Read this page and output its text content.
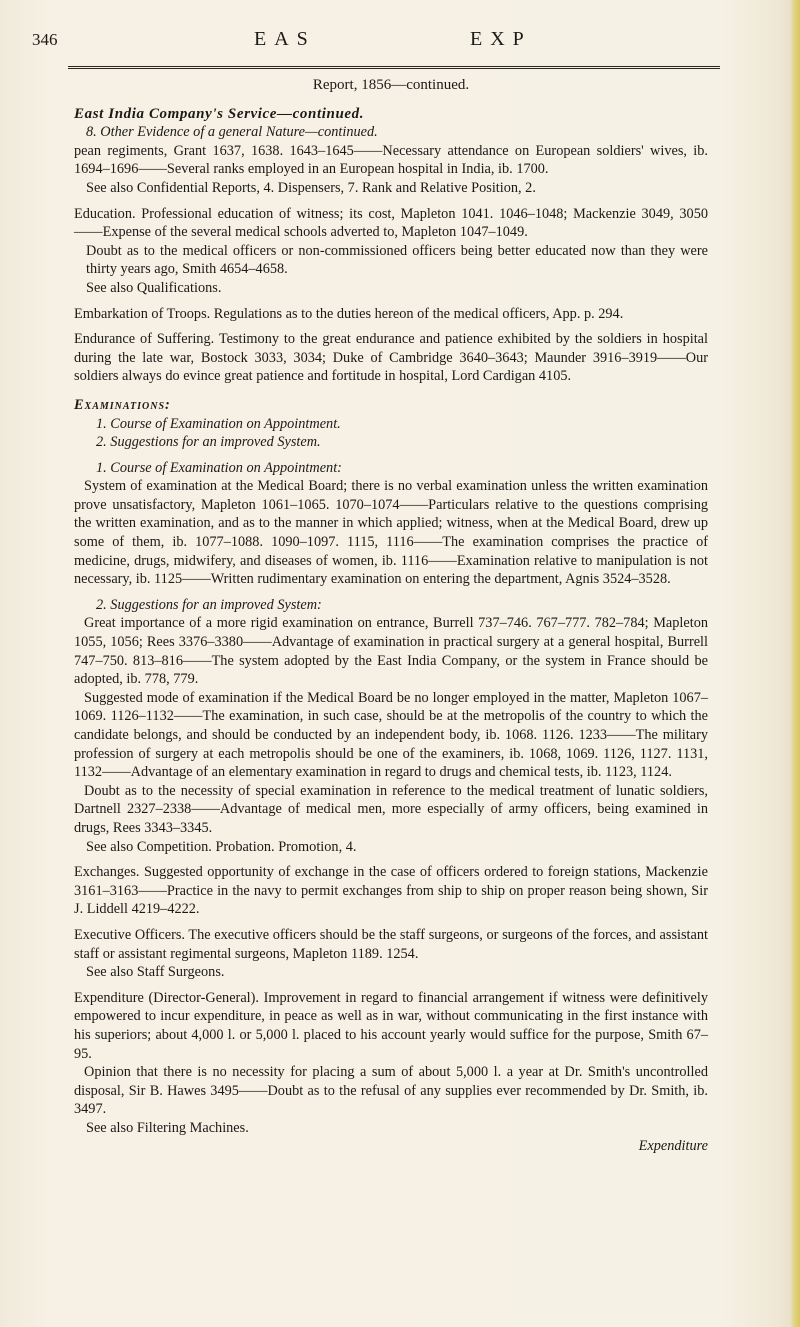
346	EAS	EXP

Report, 1856—continued.

East India Company's Service—continued.

8. Other Evidence of a general Nature—continued.

pean regiments, Grant 1637, 1638. 1643–1645——Necessary attendance on European soldiers' wives, ib. 1694–1696——Several ranks employed in an European hospital in India, ib. 1700.

See also Confidential Reports, 4. Dispensers, 7. Rank and Relative Position, 2.

Education. Professional education of witness; its cost, Mapleton 1041. 1046–1048; Mackenzie 3049, 3050——Expense of the several medical schools adverted to, Mapleton 1047–1049.

Doubt as to the medical officers or non-commissioned officers being better educated now than they were thirty years ago, Smith 4654–4658.

See also Qualifications.

Embarkation of Troops. Regulations as to the duties hereon of the medical officers, App. p. 294.

Endurance of Suffering. Testimony to the great endurance and patience exhibited by the soldiers in hospital during the late war, Bostock 3033, 3034; Duke of Cambridge 3640–3643; Maunder 3916–3919——Our soldiers always do evince great patience and fortitude in hospital, Lord Cardigan 4105.

Examinations:

1. Course of Examination on Appointment.

2. Suggestions for an improved System.

1. Course of Examination on Appointment:

System of examination at the Medical Board; there is no verbal examination unless the written examination prove unsatisfactory, Mapleton 1061–1065. 1070–1074——Particulars relative to the questions comprising the written examination, and as to the manner in which applied; witness, when at the Medical Board, drew up some of them, ib. 1077–1088. 1090–1097. 1115, 1116——The examination comprises the practice of medicine, drugs, midwifery, and diseases of women, ib. 1116——Examination relative to manipulation is not necessary, ib. 1125——Written rudimentary examination on entering the department, Agnis 3524–3528.

2. Suggestions for an improved System:

Great importance of a more rigid examination on entrance, Burrell 737–746. 767–777. 782–784; Mapleton 1055, 1056; Rees 3376–3380——Advantage of examination in practical surgery at a general hospital, Burrell 747–750. 813–816——The system adopted by the East India Company, or the system in France should be adopted, ib. 778, 779.

Suggested mode of examination if the Medical Board be no longer employed in the matter, Mapleton 1067–1069. 1126–1132——The examination, in such case, should be at the metropolis of the country to which the candidate belongs, and should be conducted by an independent body, ib. 1068. 1126. 1233——The military profession of surgery at each metropolis should be one of the examiners, ib. 1068, 1069. 1126, 1127. 1131, 1132——Advantage of an elementary examination in regard to drugs and chemical tests, ib. 1123, 1124.

Doubt as to the necessity of special examination in reference to the medical treatment of lunatic soldiers, Dartnell 2327–2338——Advantage of medical men, more especially of army officers, being examined in drugs, Rees 3343–3345.

See also Competition. Probation. Promotion, 4.

Exchanges. Suggested opportunity of exchange in the case of officers ordered to foreign stations, Mackenzie 3161–3163——Practice in the navy to permit exchanges from ship to ship on proper reason being shown, Sir J. Liddell 4219–4222.

Executive Officers. The executive officers should be the staff surgeons, or surgeons of the forces, and assistant staff or assistant regimental surgeons, Mapleton 1189. 1254.

See also Staff Surgeons.

Expenditure (Director-General). Improvement in regard to financial arrangement if witness were definitively empowered to incur expenditure, in peace as well as in war, without communicating in the first instance with his superiors; about 4,000 l. or 5,000 l. placed to his account yearly would suffice for the purpose, Smith 67–95.

Opinion that there is no necessity for placing a sum of about 5,000 l. a year at Dr. Smith's uncontrolled disposal, Sir B. Hawes 3495——Doubt as to the refusal of any supplies ever recommended by Dr. Smith, ib. 3497.

See also Filtering Machines.

Expenditure
